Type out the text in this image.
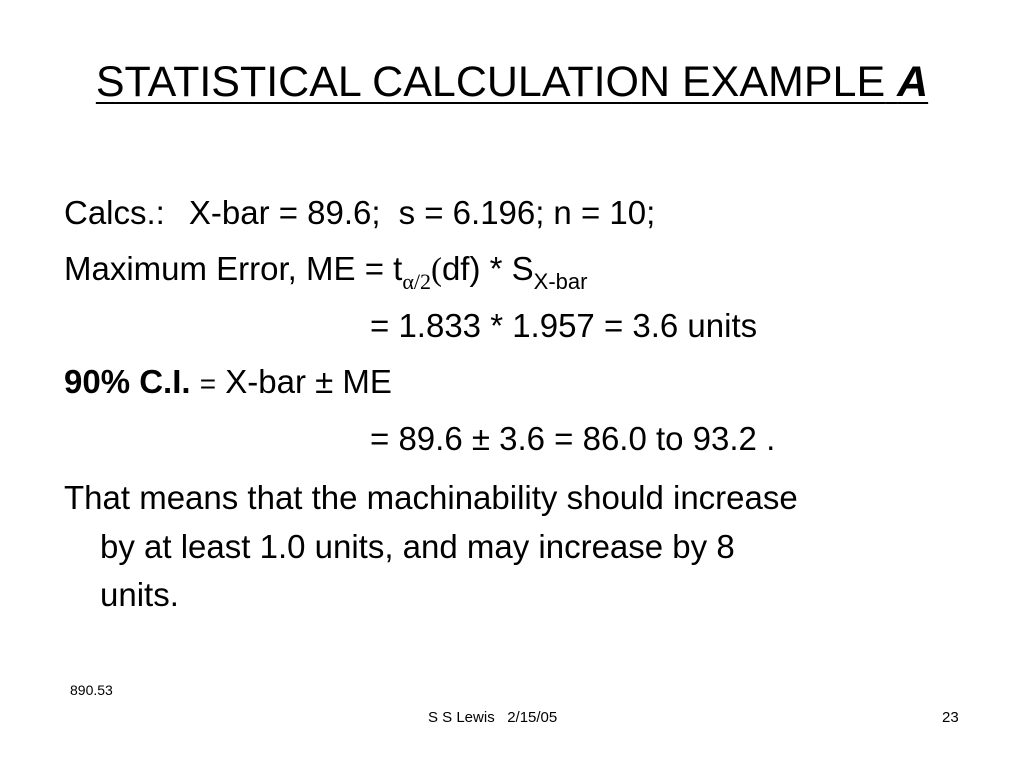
STATISTICAL CALCULATION EXAMPLE A
Calcs.: X-bar = 89.6; s = 6.196; n = 10;
Maximum Error, ME = $t_{\alpha/2}(df) * S_{X-bar}$
= 1.833 * 1.957 = 3.6 units
90% C.I. = X-bar ± ME
= 89.6 ± 3.6 = 86.0 to 93.2 .
That means that the machinability should increase
by at least 1.0 units, and may increase by 8
units.
890.53
S S Lewis   2/15/05	23
